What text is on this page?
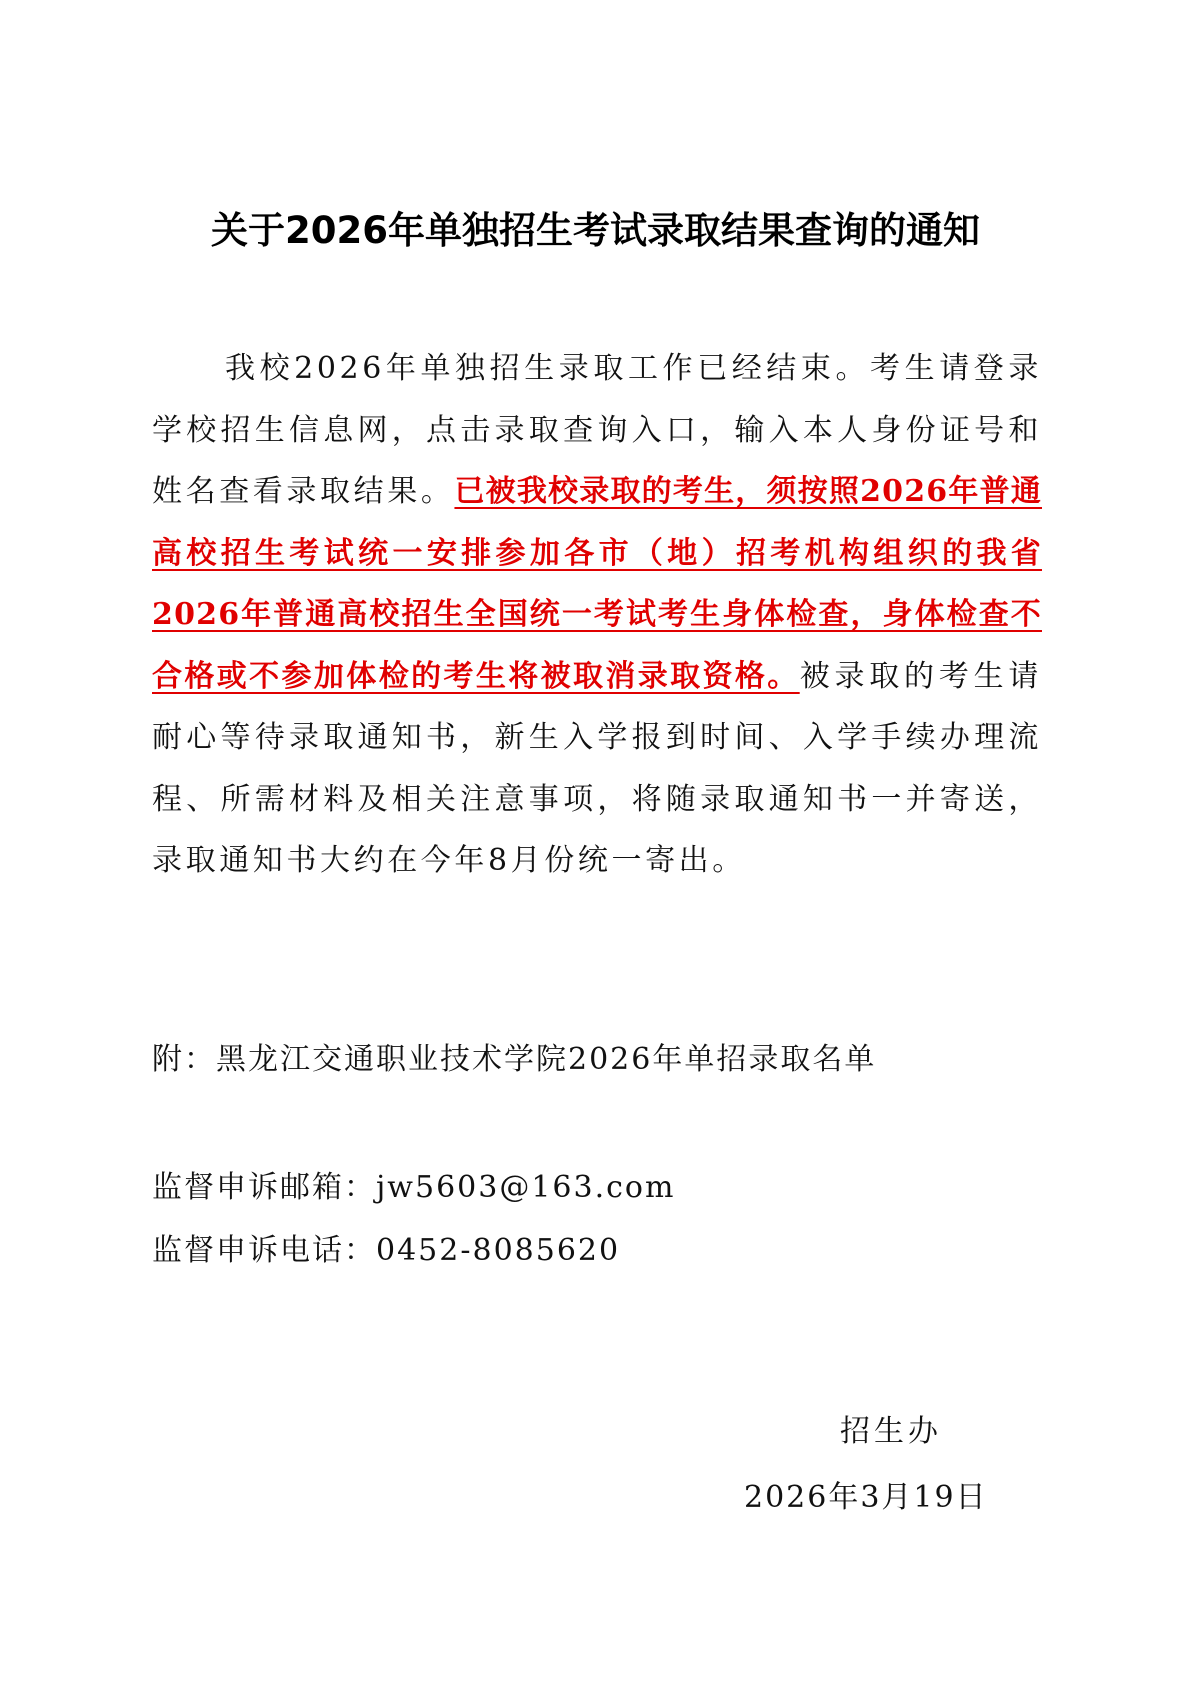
关于2026年单独招生考试录取结果查询的通知

我校2026年单独招生录取工作已经结束。考生请登录学校招生信息网，点击录取查询入口，输入本人身份证号和姓名查看录取结果。已被我校录取的考生，须按照2026年普通高校招生考试统一安排参加各市（地）招考机构组织的我省2026年普通高校招生全国统一考试考生身体检查，身体检查不合格或不参加体检的考生将被取消录取资格。被录取的考生请耐心等待录取通知书，新生入学报到时间、入学手续办理流程、所需材料及相关注意事项，将随录取通知书一并寄送，录取通知书大约在今年8月份统一寄出。

附：黑龙江交通职业技术学院2026年单招录取名单
监督申诉邮箱：jw5603@163.com
监督申诉电话：0452-8085620
招生办
2026年3月19日
